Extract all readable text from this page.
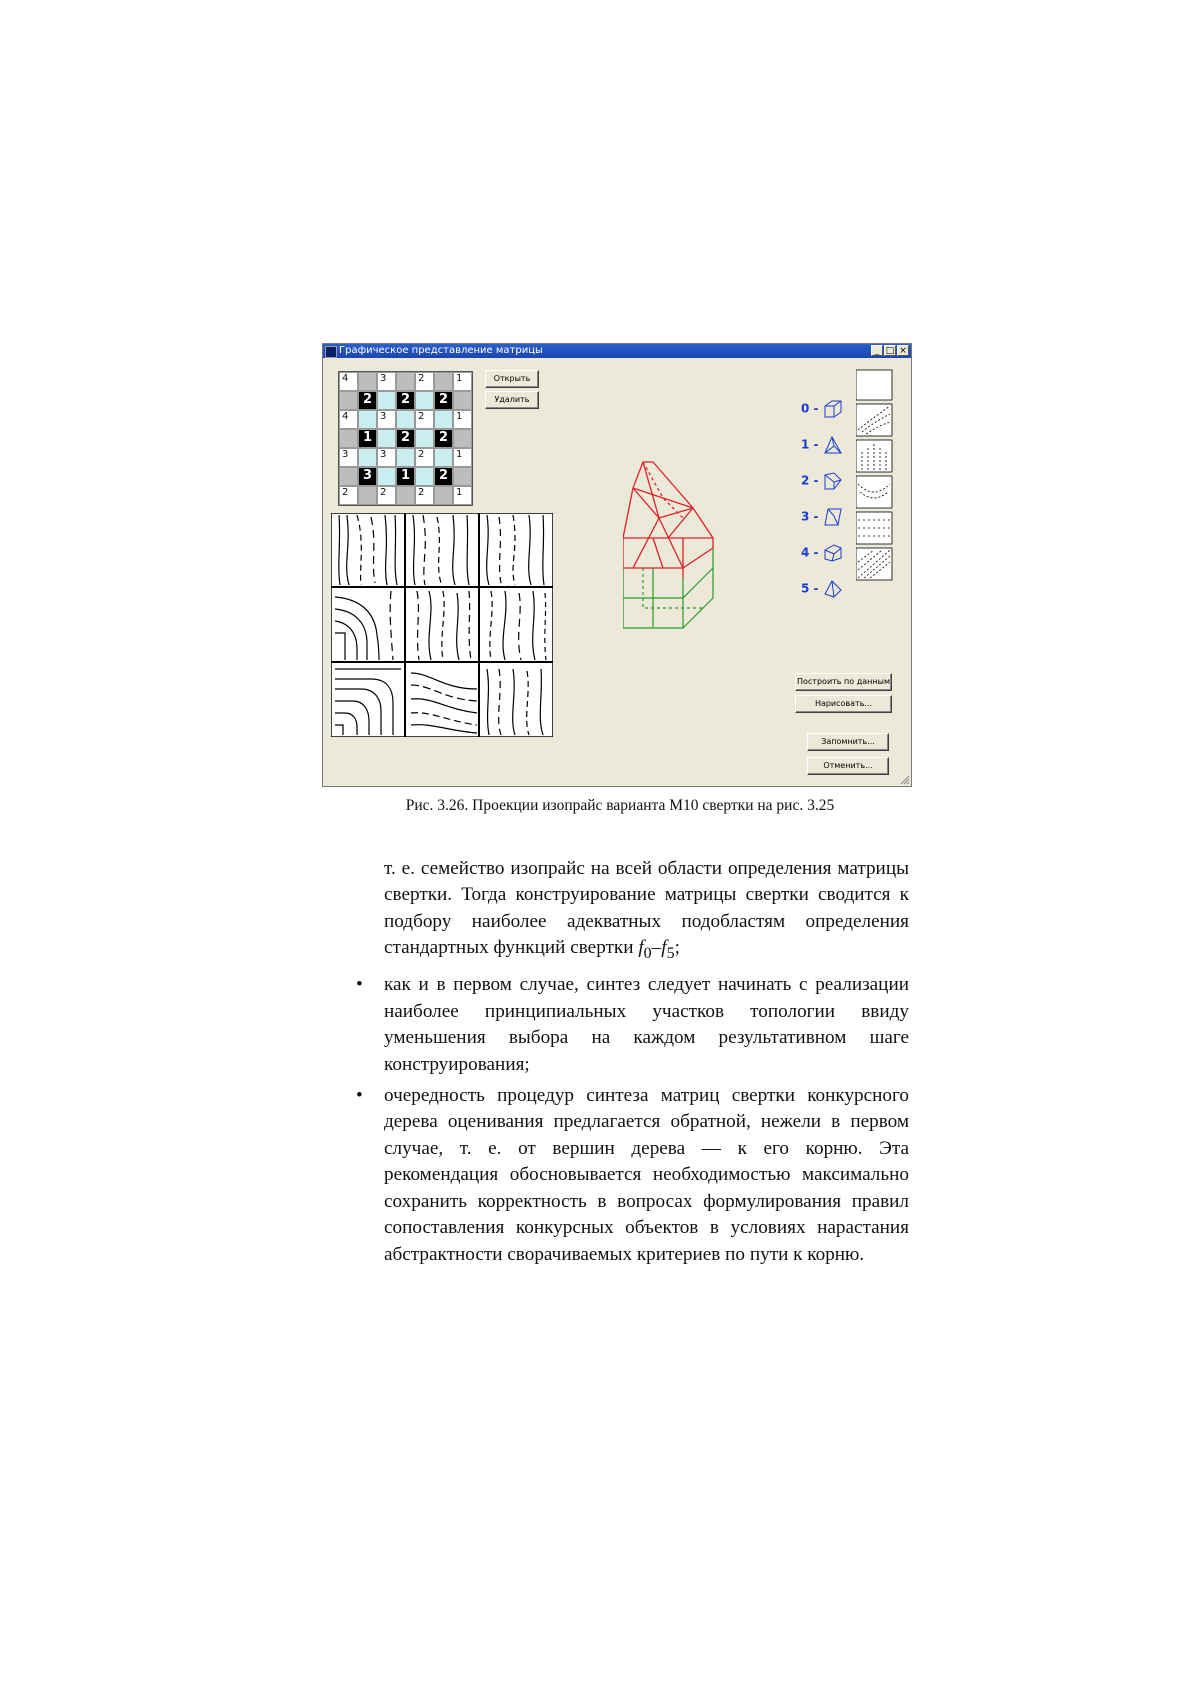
Графическое представление матрицы	_ □ ×
4	3	2	1
2	2	2
4	3	2	1
1	2	2
3	3	2	1
3	1	2
2	2	2	1
Открыть
Удалить
0 -
1 -
2 -
3 -
4 -
5 -
Построить по данным
Нарисовать...
Запомнить...
Отменить...
Рис. 3.26. Проекции изопрайс варианта М10 свертки на рис. 3.25

т. е. семейство изопрайс на всей области определения матрицы свертки. Тогда конструирование матрицы свертки сводится к подбору наиболее адекватных подобластям определения стандартных функций свертки $f_0-f_5$;

• как и в первом случае, синтез следует начинать с реализации наиболее принципиальных участков топологии ввиду уменьшения выбора на каждом результативном шаге конструирования;

• очередность процедур синтеза матриц свертки конкурсного дерева оценивания предлагается обратной, нежели в первом случае, т. е. от вершин дерева — к его корню. Эта рекомендация обосновывается необходимостью максимально сохранить корректность в вопросах формулирования правил сопоставления конкурсных объектов в условиях нарастания абстрактности сворачиваемых критериев по пути к корню.
